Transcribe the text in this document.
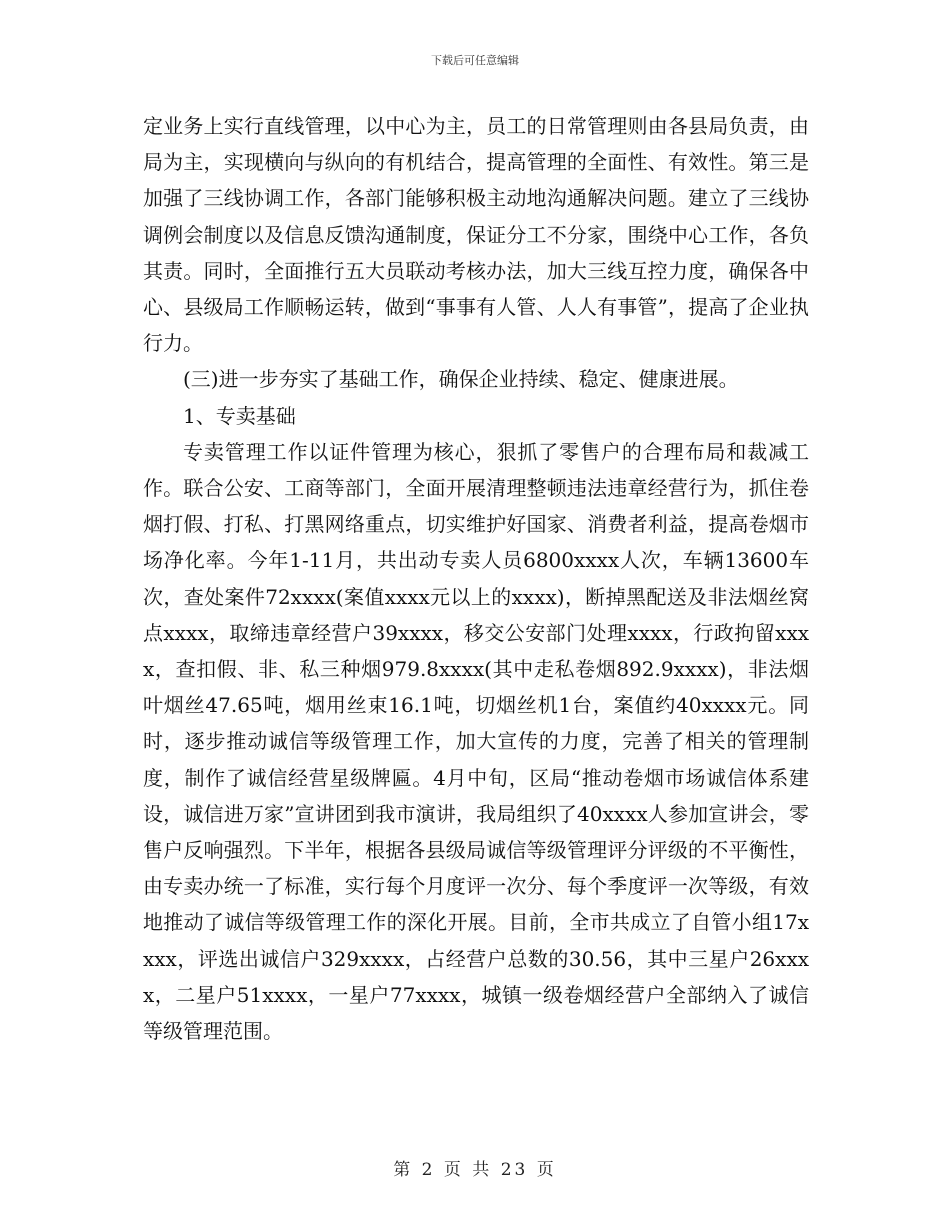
下载后可任意编辑

定业务上实行直线管理，以中心为主，员工的日常管理则由各县局负责，由局为主，实现横向与纵向的有机结合，提高管理的全面性、有效性。第三是加强了三线协调工作，各部门能够积极主动地沟通解决问题。建立了三线协调例会制度以及信息反馈沟通制度，保证分工不分家，围绕中心工作，各负其责。同时，全面推行五大员联动考核办法，加大三线互控力度，确保各中心、县级局工作顺畅运转，做到“事事有人管、人人有事管”，提高了企业执行力。

(三)进一步夯实了基础工作，确保企业持续、稳定、健康进展。

1、专卖基础

专卖管理工作以证件管理为核心，狠抓了零售户的合理布局和裁减工作。联合公安、工商等部门，全面开展清理整顿违法违章经营行为，抓住卷烟打假、打私、打黑网络重点，切实维护好国家、消费者利益，提高卷烟市场净化率。今年1-11月，共出动专卖人员6800xxxx人次，车辆13600车次，查处案件72xxxx(案值xxxx元以上的xxxx)，断掉黑配送及非法烟丝窝点xxxx，取缔违章经营户39xxxx，移交公安部门处理xxxx，行政拘留xxxx，查扣假、非、私三种烟979.8xxxx(其中走私卷烟892.9xxxx)，非法烟叶烟丝47.65吨，烟用丝束16.1吨，切烟丝机1台，案值约40xxxx元。同时，逐步推动诚信等级管理工作，加大宣传的力度，完善了相关的管理制度，制作了诚信经营星级牌匾。4月中旬，区局“推动卷烟市场诚信体系建设，诚信进万家”宣讲团到我市演讲，我局组织了40xxxx人参加宣讲会，零售户反响强烈。下半年，根据各县级局诚信等级管理评分评级的不平衡性，由专卖办统一了标准，实行每个月度评一次分、每个季度评一次等级，有效地推动了诚信等级管理工作的深化开展。目前，全市共成立了自管小组17xxxx，评选出诚信户329xxxx，占经营户总数的30.56，其中三星户26xxxx，二星户51xxxx，一星户77xxxx，城镇一级卷烟经营户全部纳入了诚信等级管理范围。

第 2 页 共 23 页
